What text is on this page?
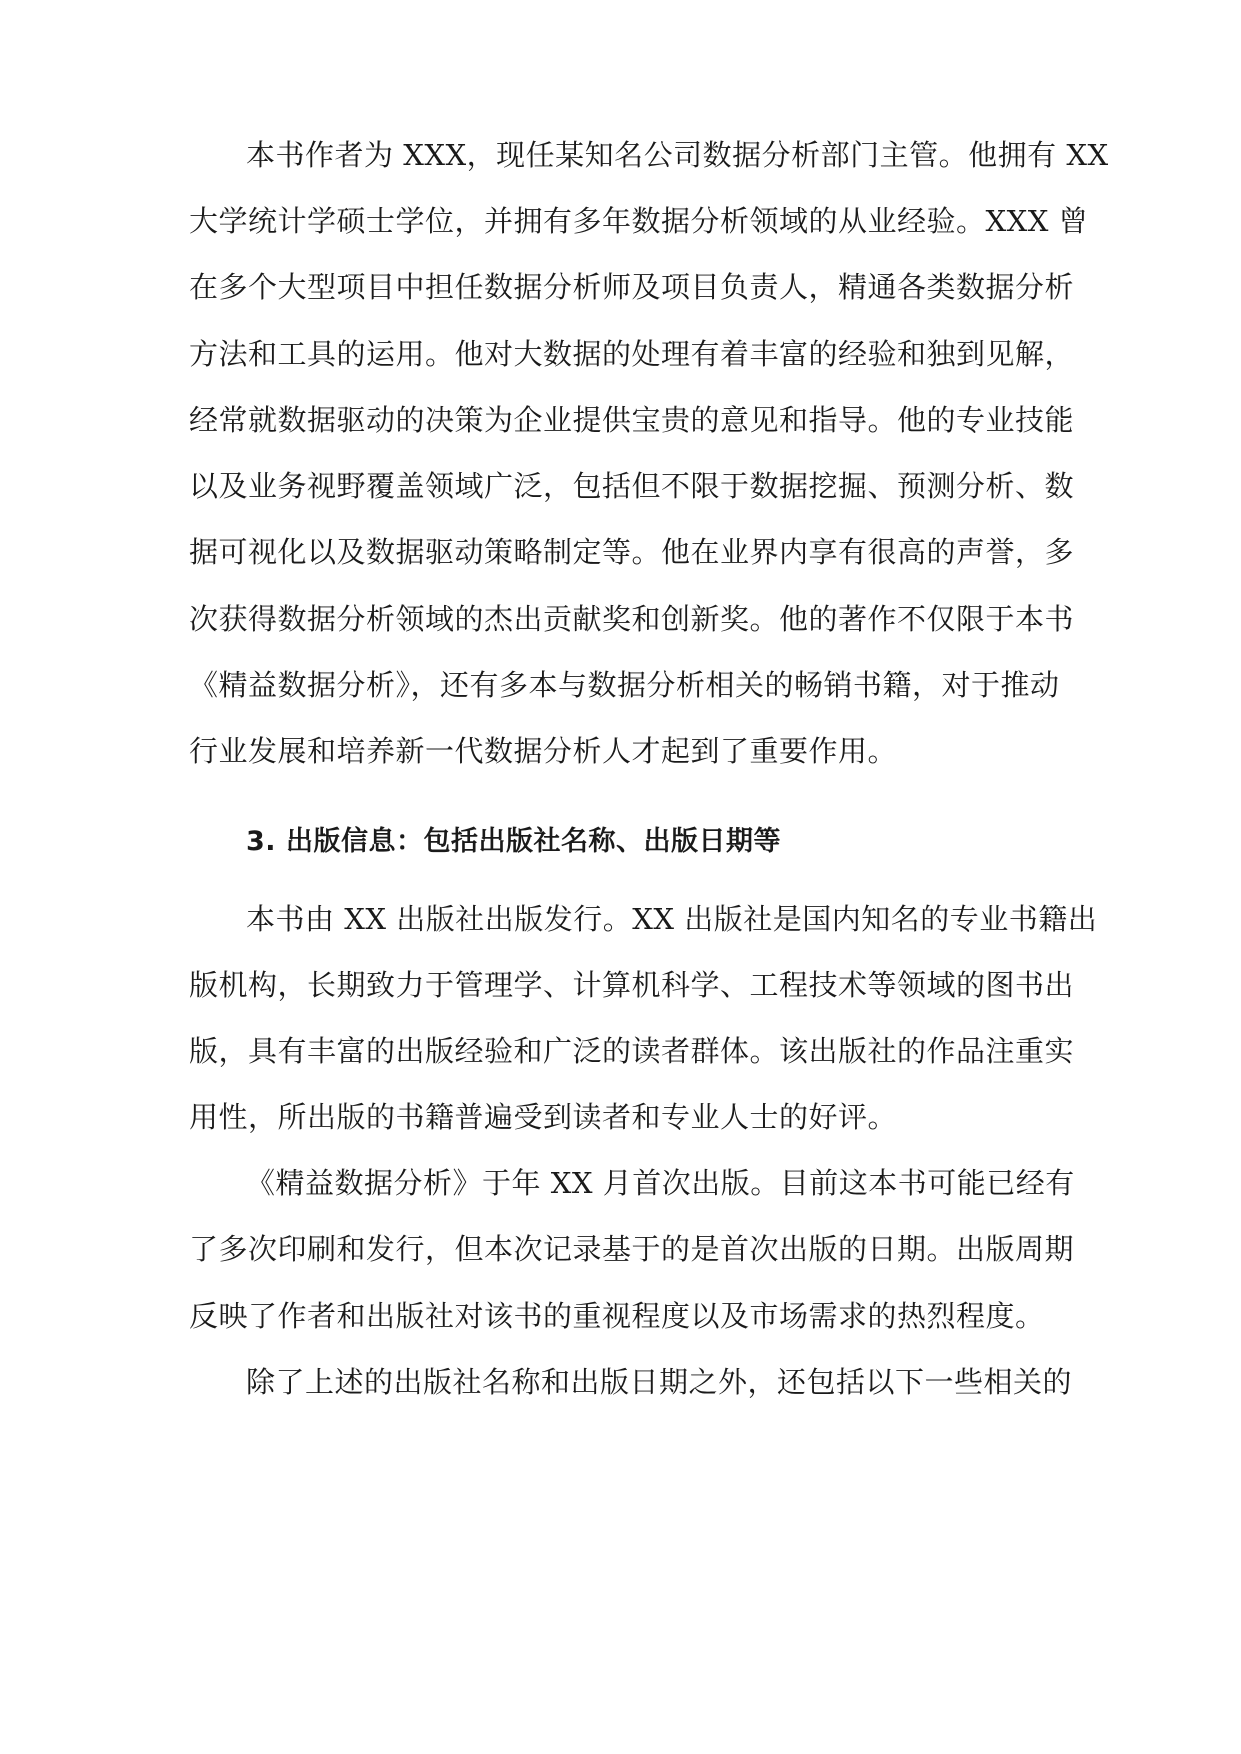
本书作者为 XXX，现任某知名公司数据分析部门主管。他拥有 XX
大学统计学硕士学位，并拥有多年数据分析领域的从业经验。XXX 曾
在多个大型项目中担任数据分析师及项目负责人，精通各类数据分析
方法和工具的运用。他对大数据的处理有着丰富的经验和独到见解，
经常就数据驱动的决策为企业提供宝贵的意见和指导。他的专业技能
以及业务视野覆盖领域广泛，包括但不限于数据挖掘、预测分析、数
据可视化以及数据驱动策略制定等。他在业界内享有很高的声誉，多
次获得数据分析领域的杰出贡献奖和创新奖。他的著作不仅限于本书
《精益数据分析》，还有多本与数据分析相关的畅销书籍，对于推动
行业发展和培养新一代数据分析人才起到了重要作用。
3. 出版信息：包括出版社名称、出版日期等
本书由 XX 出版社出版发行。XX 出版社是国内知名的专业书籍出
版机构，长期致力于管理学、计算机科学、工程技术等领域的图书出
版，具有丰富的出版经验和广泛的读者群体。该出版社的作品注重实
用性，所出版的书籍普遍受到读者和专业人士的好评。
《精益数据分析》于年 XX 月首次出版。目前这本书可能已经有
了多次印刷和发行，但本次记录基于的是首次出版的日期。出版周期
反映了作者和出版社对该书的重视程度以及市场需求的热烈程度。
除了上述的出版社名称和出版日期之外，还包括以下一些相关的
